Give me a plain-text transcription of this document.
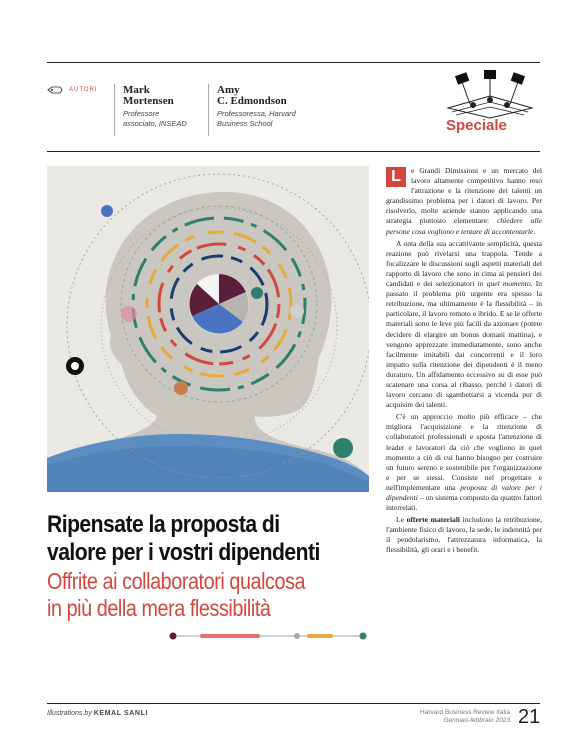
AUTORI Mark
Mortensen
Professore
associato, INSEAD
Amy
C. Edmondson
Professoressa, Harvard
Business School	Speciale
Ripensate la proposta di
valore per i vostri dipendenti
Offrite ai collaboratori qualcosa
in più della mera flessibilità

L	e Grandi Dimissioni e un mercato del lavoro altamente competitivo hanno reso l'attrazione e la ritenzione dei talenti un grandissimo problema per i datori di lavoro. Per risolverlo, molte aziende stanno applicando una strategia piuttosto elementare: chiedere alle persone cosa vogliono e tentare di accontentarle.

A onta della sua accattivante semplicità, questa reazione può rivelarsi una trappola. Tende a focalizzare le discussioni sugli aspetti materiali del rapporto di lavoro che sono in cima ai pensieri dei candidati e dei selezionatori in quel momento. In passato il problema più urgente era spesso la retribuzione, ma ultimamente è la flessibilità – in particolare, il lavoro remoto e ibrido. E se le offerte materiali sono le leve più facili da azionare (potete decidere di elargire un bonus domani mattina), e vengono apprezzate immediatamente, sono anche facilmente imitabili dai concorrenti e il loro impatto sulla ritenzione dei dipendenti è il meno duraturo. Un affidamento eccessivo su di esse può scatenare una corsa al ribasso, perché i datori di lavoro cercano di sgambettarsi a vicenda pur di acquisire dei talenti.

C'è un approccio molto più efficace – che migliora l'acquisizione e la ritenzione di collaboratori professionali e sposta l'attenzione di leader e lavoratori da ciò che vogliono in quel momento a ciò di cui hanno bisogno per costruire un futuro sereno e sostenibile per l'organizzazione e per se stessi. Consiste nel progettare e nell'implementare una proposta di valore per i dipendenti – un sistema composto da quattro fattori interrelati.

Le offerte materiali includono la retribuzione, l'ambiente fisico di lavoro, la sede, le indennità per il pendolarismo, l'attrezzatura informatica, la flessibilità, gli orari e i benefit.

Illustrations by KEMAL SANLI	Harvard Business Review Italia
Gennaio-febbraio 2023 21
